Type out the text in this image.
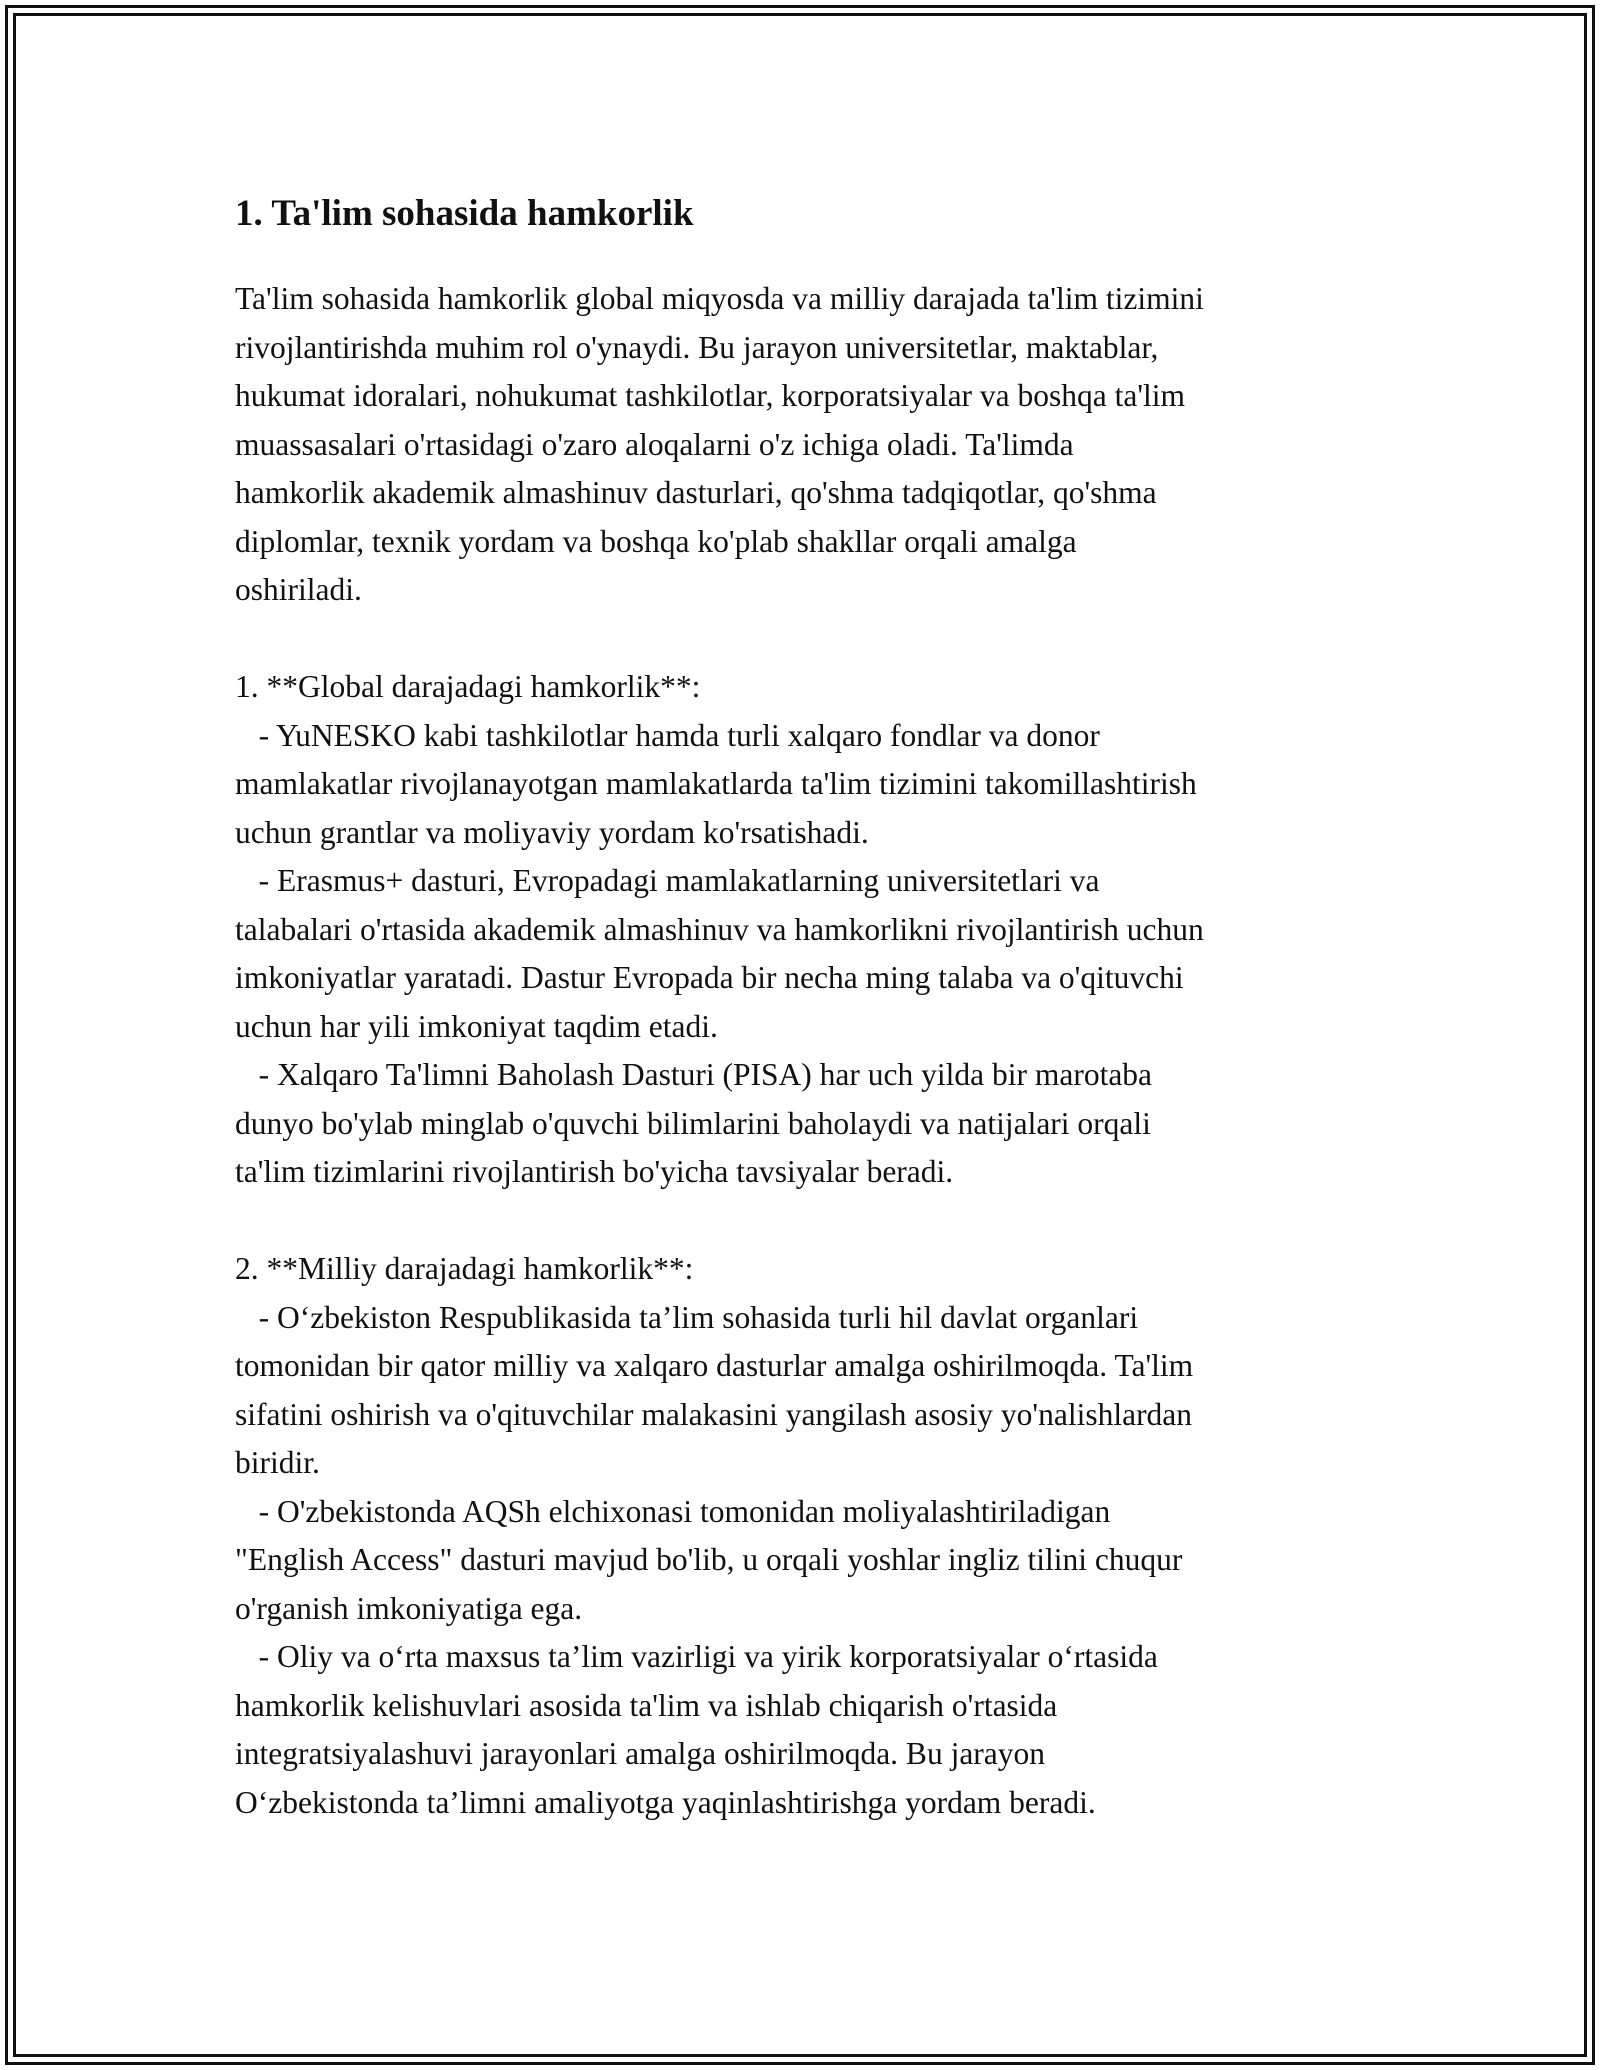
1. Ta'lim sohasida hamkorlik

Ta'lim sohasida hamkorlik global miqyosda va milliy darajada ta'lim tizimini

rivojlantirishda muhim rol o'ynaydi. Bu jarayon universitetlar, maktablar,

hukumat idoralari, nohukumat tashkilotlar, korporatsiyalar va boshqa ta'lim

muassasalari o'rtasidagi o'zaro aloqalarni o'z ichiga oladi. Ta'limda

hamkorlik akademik almashinuv dasturlari, qo'shma tadqiqotlar, qo'shma

diplomlar, texnik yordam va boshqa ko'plab shakllar orqali amalga

oshiriladi.

1. **Global darajadagi hamkorlik**:

- YuNESKO kabi tashkilotlar hamda turli xalqaro fondlar va donor

mamlakatlar rivojlanayotgan mamlakatlarda ta'lim tizimini takomillashtirish

uchun grantlar va moliyaviy yordam ko'rsatishadi.

- Erasmus+ dasturi, Evropadagi mamlakatlarning universitetlari va

talabalari o'rtasida akademik almashinuv va hamkorlikni rivojlantirish uchun

imkoniyatlar yaratadi. Dastur Evropada bir necha ming talaba va o'qituvchi

uchun har yili imkoniyat taqdim etadi.

- Xalqaro Ta'limni Baholash Dasturi (PISA) har uch yilda bir marotaba

dunyo bo'ylab minglab o'quvchi bilimlarini baholaydi va natijalari orqali

ta'lim tizimlarini rivojlantirish bo'yicha tavsiyalar beradi.

2. **Milliy darajadagi hamkorlik**:

- O‘zbekiston Respublikasida ta’lim sohasida turli hil davlat organlari

tomonidan bir qator milliy va xalqaro dasturlar amalga oshirilmoqda. Ta'lim

sifatini oshirish va o'qituvchilar malakasini yangilash asosiy yo'nalishlardan

biridir.

- O'zbekistonda AQSh elchixonasi tomonidan moliyalashtiriladigan

"English Access" dasturi mavjud bo'lib, u orqali yoshlar ingliz tilini chuqur

o'rganish imkoniyatiga ega.

- Oliy va o‘rta maxsus ta’lim vazirligi va yirik korporatsiyalar o‘rtasida

hamkorlik kelishuvlari asosida ta'lim va ishlab chiqarish o'rtasida

integratsiyalashuvi jarayonlari amalga oshirilmoqda. Bu jarayon

O‘zbekistonda ta’limni amaliyotga yaqinlashtirishga yordam beradi.
